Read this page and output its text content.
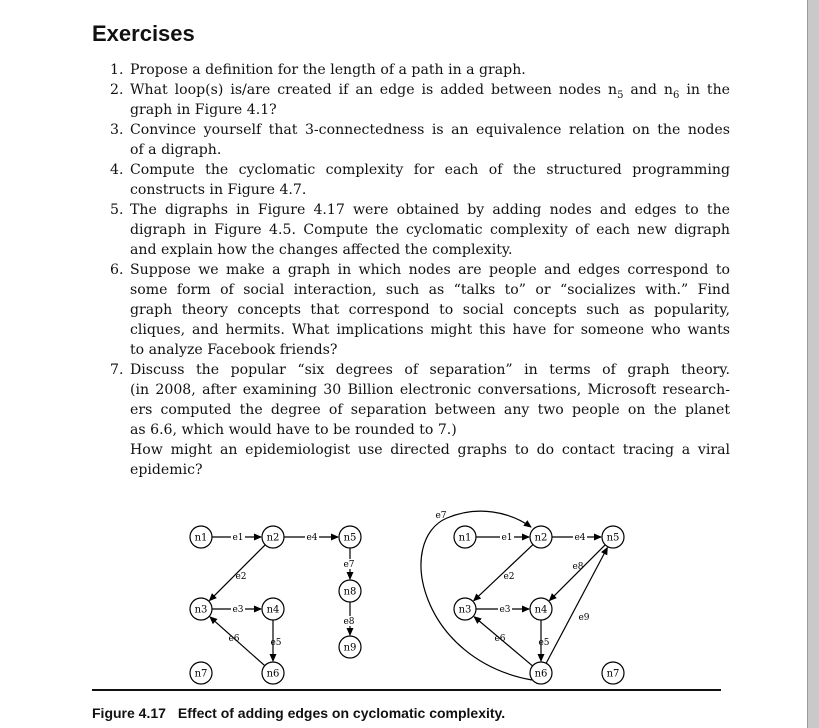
Exercises
1. Propose a definition for the length of a path in a graph.
2. What loop(s) is/are created if an edge is added between nodes $n_5$ and $n_6$ in the
graph in Figure 4.1?
3. Convince yourself that 3-connectedness is an equivalence relation on the nodes
of a digraph.
4. Compute the cyclomatic complexity for each of the structured programming
constructs in Figure 4.7.
5. The digraphs in Figure 4.17 were obtained by adding nodes and edges to the
digraph in Figure 4.5. Compute the cyclomatic complexity of each new digraph
and explain how the changes affected the complexity.
6. Suppose we make a graph in which nodes are people and edges correspond to
some form of social interaction, such as “talks to” or “socializes with.” Find
graph theory concepts that correspond to social concepts such as popularity,
cliques, and hermits. What implications might this have for someone who wants
to analyze Facebook friends?
7. Discuss the popular “six degrees of separation” in terms of graph theory.
(in 2008, after examining 30 Billion electronic conversations, Microsoft research-
ers computed the degree of separation between any two people on the planet
as 6.6, which would have to be rounded to 7.)
How might an epidemiologist use directed graphs to do contact tracing a viral
epidemic?
n1	n2	n5
n8
n9
n3	n4
n6
n7
n1	n2	n5
n3	n4
n6	n7
e1	e4
e2
e3
e5
e6
e7
e8
e1	e4
e2
e3
e5
e6
e7
e8
e9
Figure 4.17 Effect of adding edges on cyclomatic complexity.
